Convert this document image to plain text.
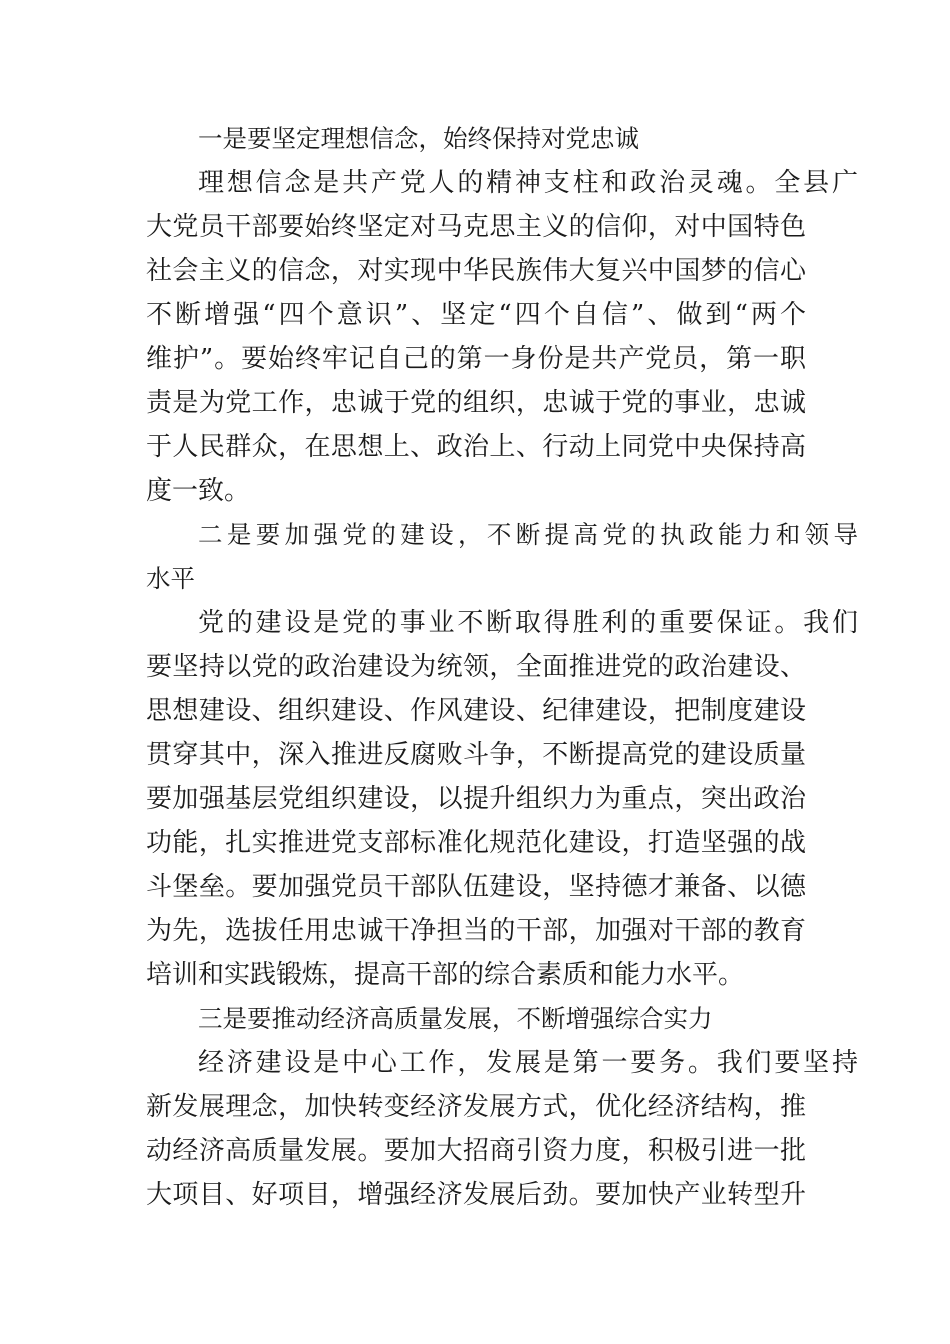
一是要坚定理想信念，始终保持对党忠诚
理想信念是共产党人的精神支柱和政治灵魂。全县广
大党员干部要始终坚定对马克思主义的信仰，对中国特色
社会主义的信念，对实现中华民族伟大复兴中国梦的信心
不断增强“四个意识”、坚定“四个自信”、做到“两个
维护”。要始终牢记自己的第一身份是共产党员，第一职
责是为党工作，忠诚于党的组织，忠诚于党的事业，忠诚
于人民群众，在思想上、政治上、行动上同党中央保持高
度一致。
二是要加强党的建设，不断提高党的执政能力和领导
水平
党的建设是党的事业不断取得胜利的重要保证。我们
要坚持以党的政治建设为统领，全面推进党的政治建设、
思想建设、组织建设、作风建设、纪律建设，把制度建设
贯穿其中，深入推进反腐败斗争，不断提高党的建设质量
要加强基层党组织建设，以提升组织力为重点，突出政治
功能，扎实推进党支部标准化规范化建设，打造坚强的战
斗堡垒。要加强党员干部队伍建设，坚持德才兼备、以德
为先，选拔任用忠诚干净担当的干部，加强对干部的教育
培训和实践锻炼，提高干部的综合素质和能力水平。
三是要推动经济高质量发展，不断增强综合实力
经济建设是中心工作，发展是第一要务。我们要坚持
新发展理念，加快转变经济发展方式，优化经济结构，推
动经济高质量发展。要加大招商引资力度，积极引进一批
大项目、好项目，增强经济发展后劲。要加快产业转型升
